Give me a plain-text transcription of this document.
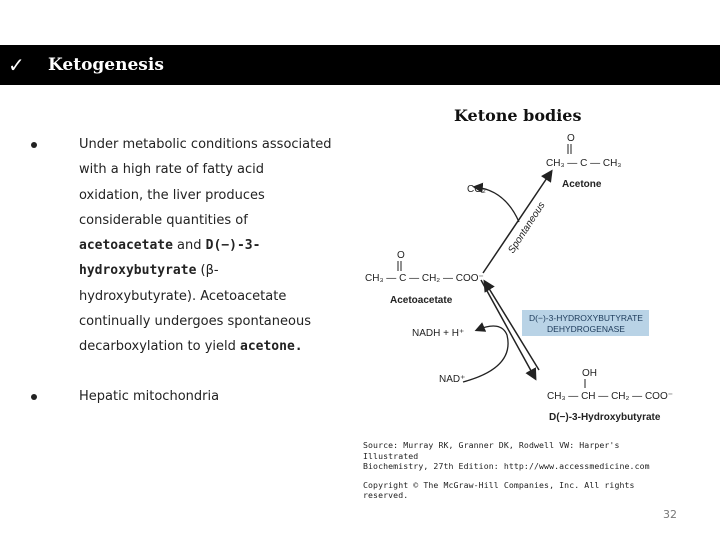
✓ Ketogenesis
Ketone bodies
Under metabolic conditions associated
with a high rate of fatty acid
oxidation, the liver produces
considerable quantities of
acetoacetate and D(−)-3-
hydroxybutyrate (β-
hydroxybutyrate). Acetoacetate
continually undergoes spontaneous
decarboxylation to yield acetone.
Hepatic mitochondria
O
CH₃ — C — CH₃
Acetone
CO₂
Spontaneous
O
CH₃ — C — CH₂ — COO⁻
Acetoacetate
NADH + H⁺
NAD⁺
D(−)-3-HYDROXYBUTYRATE
DEHYDROGENASE
OH
CH₃ — CH — CH₂ — COO⁻
D(−)-3-Hydroxybutyrate
Source: Murray RK, Granner DK, Rodwell VW: Harper's Illustrated
Biochemistry, 27th Edition: http://www.accessmedicine.com
Copyright © The McGraw-Hill Companies, Inc. All rights reserved.
32
